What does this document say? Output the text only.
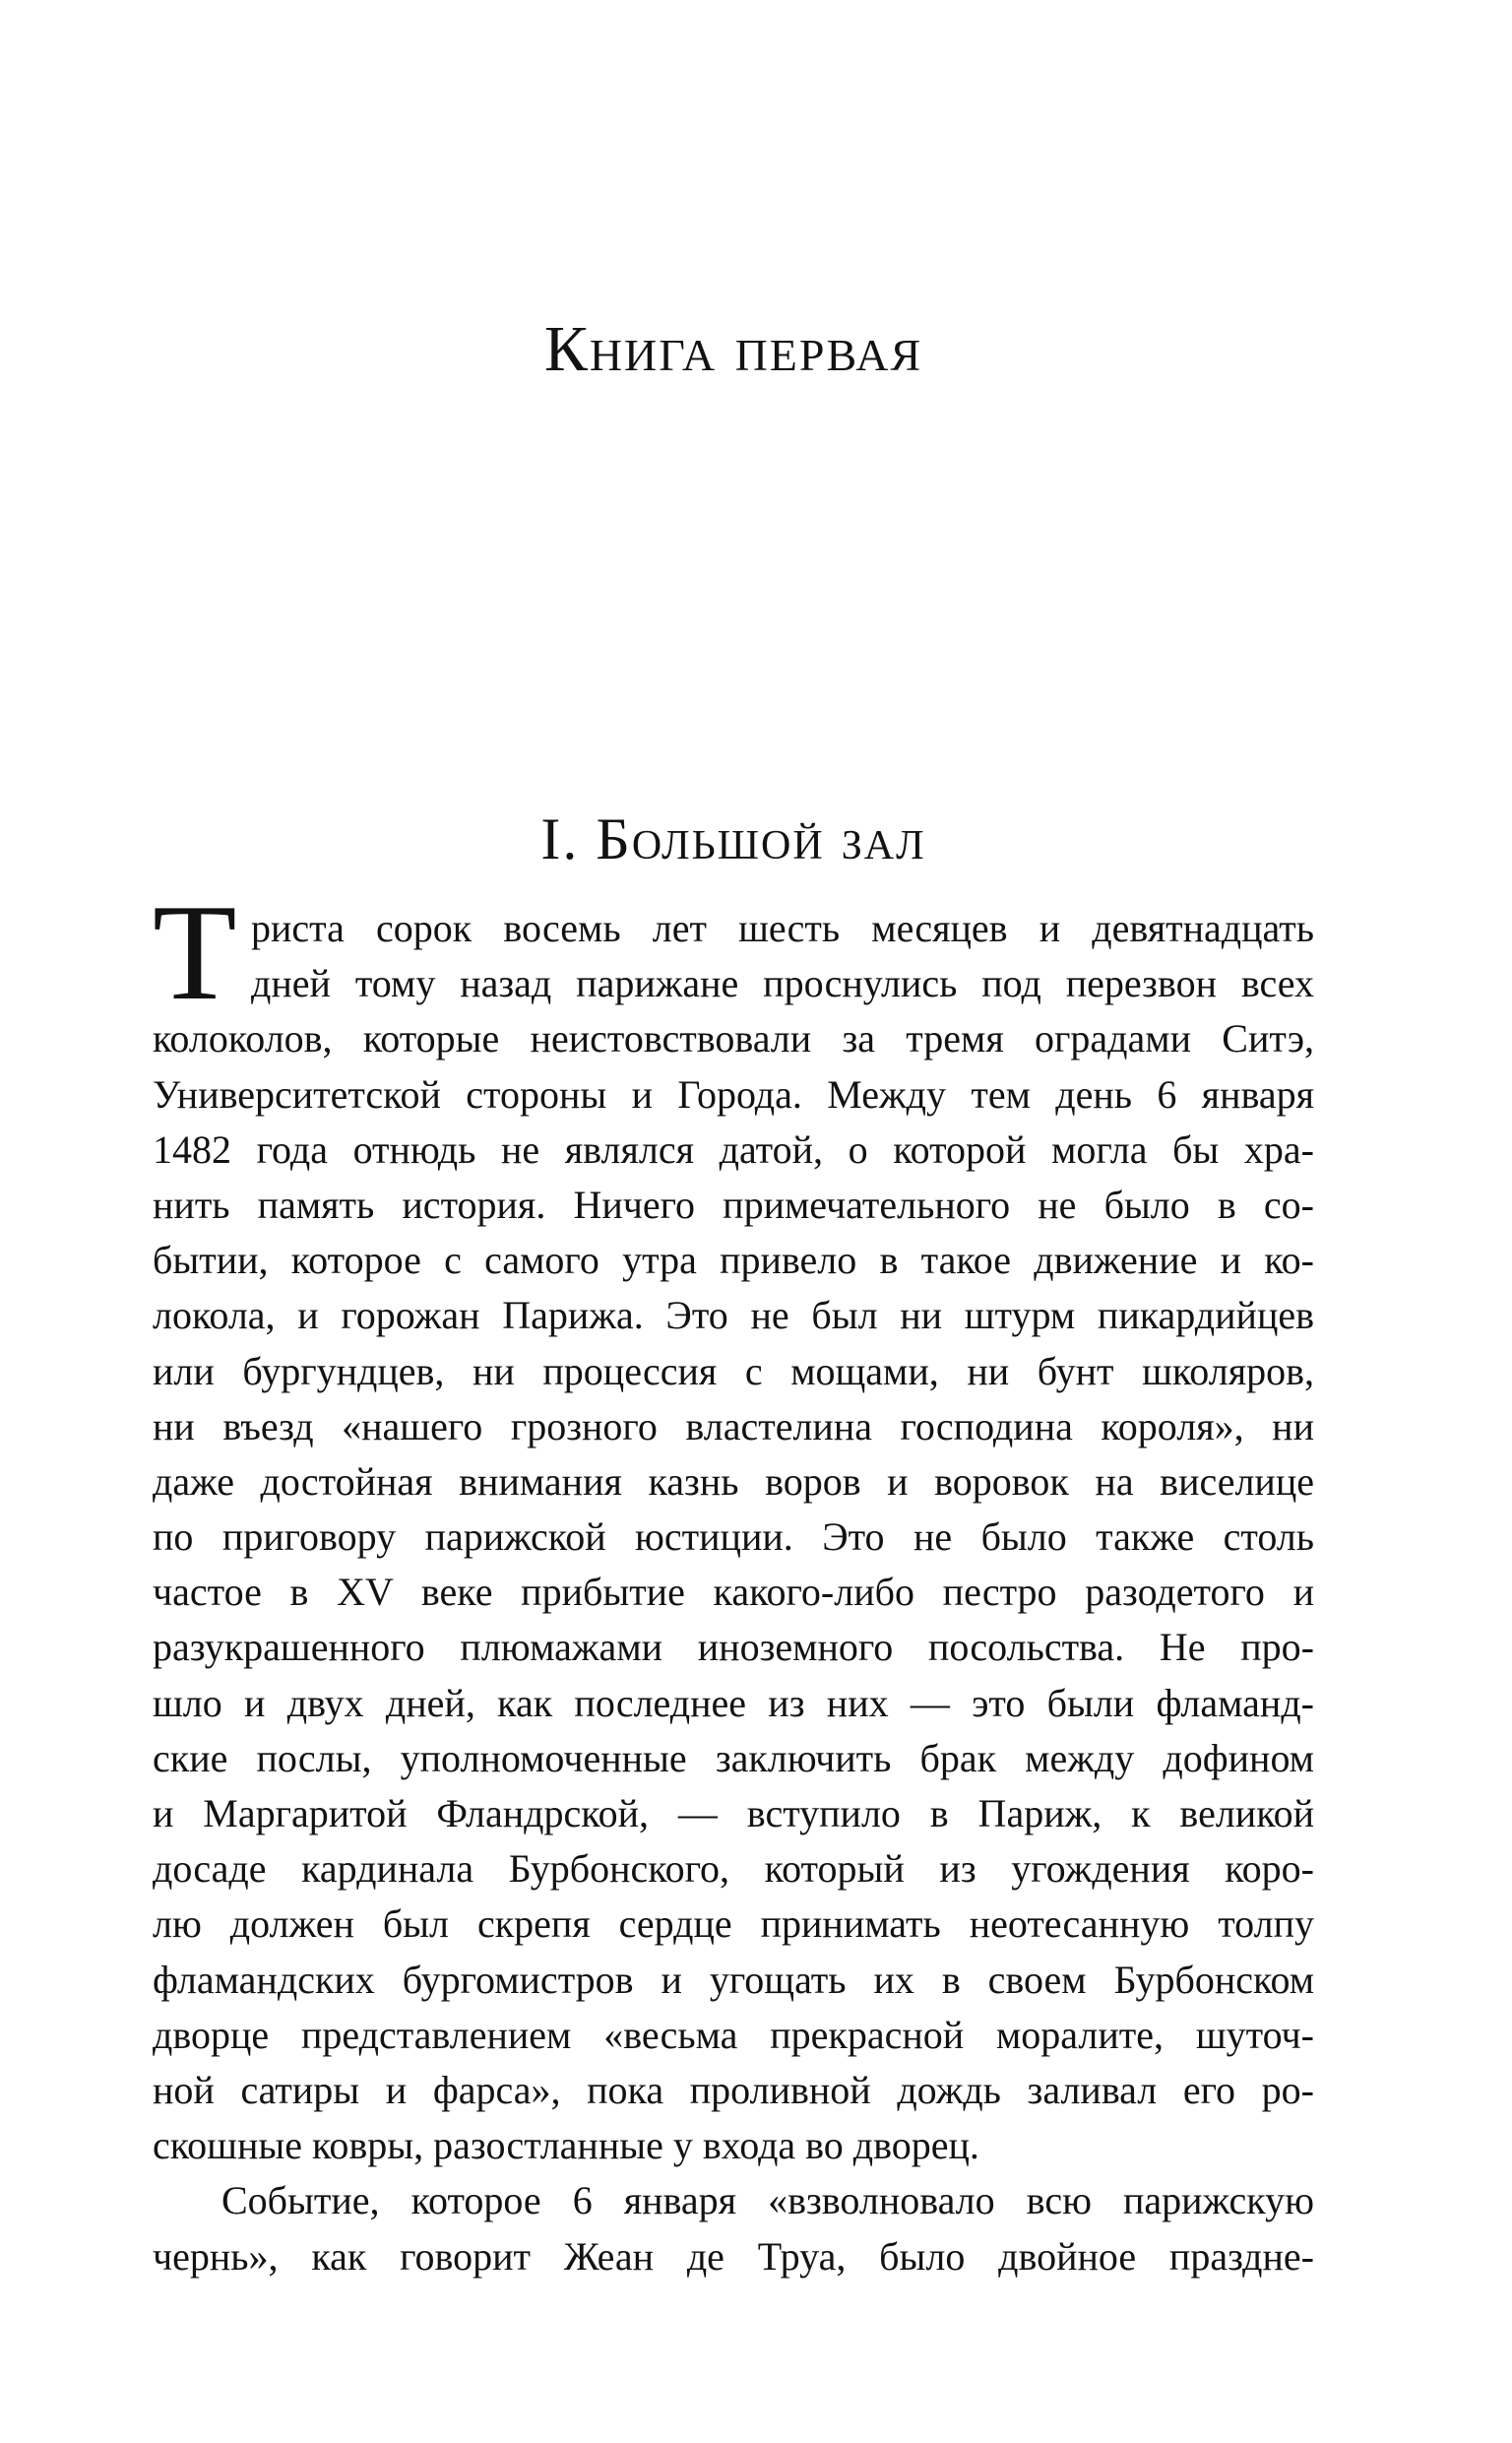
Книга первая
I. Большой зал
Т риста сорок восемь лет шесть месяцев и девятнадцать
дней тому назад парижане проснулись под перезвон всех
колоколов, которые неистовствовали за тремя оградами Ситэ,
Университетской стороны и Города. Между тем день 6 января
1482 года отнюдь не являлся датой, о которой могла бы хра-
нить память история. Ничего примечательного не было в со-
бытии, которое с самого утра привело в такое движение и ко-
локола, и горожан Парижа. Это не был ни штурм пикардийцев
или бургундцев, ни процессия с мощами, ни бунт школяров,
ни въезд «нашего грозного властелина господина короля», ни
даже достойная внимания казнь воров и воровок на виселице
по приговору парижской юстиции. Это не было также столь
частое в XV веке прибытие какого-либо пестро разодетого и
разукрашенного плюмажами иноземного посольства. Не про-
шло и двух дней, как последнее из них — это были фламанд-
ские послы, уполномоченные заключить брак между дофином
и Маргаритой Фландрской, — вступило в Париж, к великой
досаде кардинала Бурбонского, который из угождения коро-
лю должен был скрепя сердце принимать неотесанную толпу
фламандских бургомистров и угощать их в своем Бурбонском
дворце представлением «весьма прекрасной моралите, шуточ-
ной сатиры и фарса», пока проливной дождь заливал его ро-
скошные ковры, разостланные у входа во дворец.
Событие, которое 6 января «взволновало всю парижскую
чернь», как говорит Жеан де Труа, было двойное праздне-
